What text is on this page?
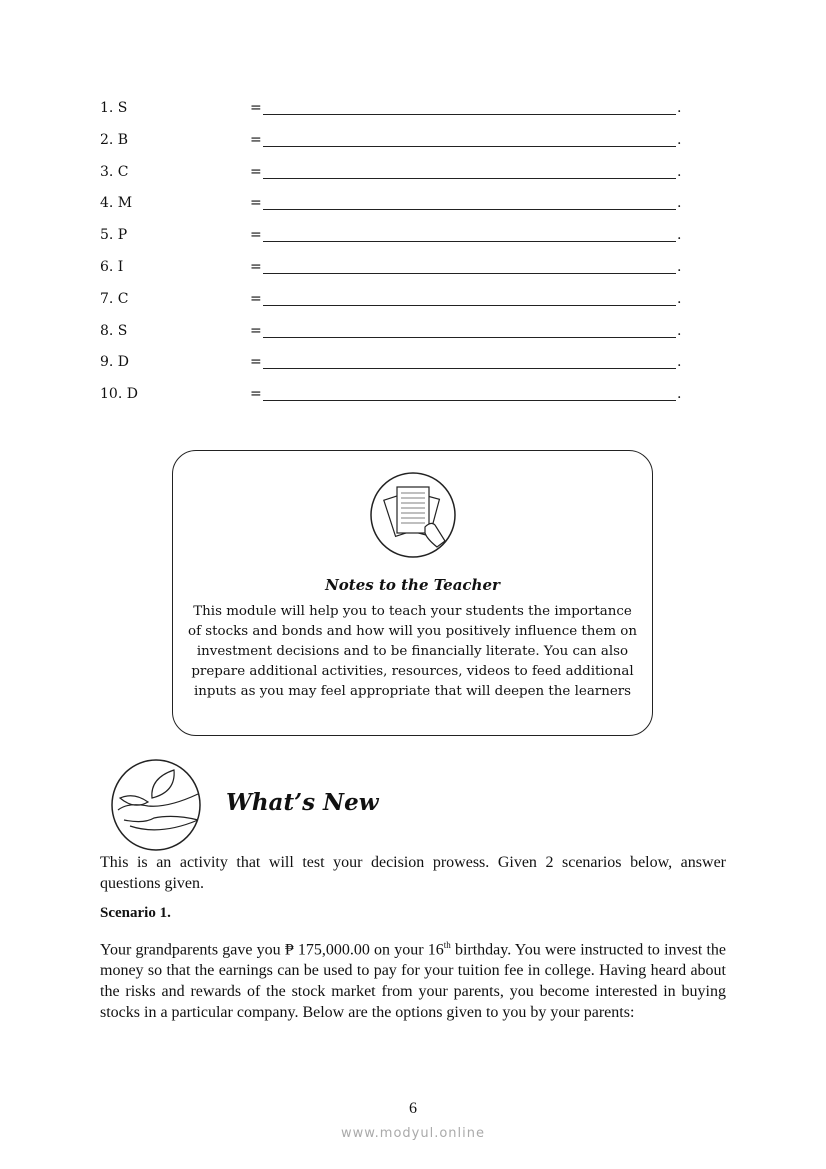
1. S	=	.
2. B	=	.
3. C	=	.
4. M	=	.
5. P	=	.
6. I	=	.
7. C	=	.
8. S	=	.
9. D	=	.
10. D	=	.
Notes to the Teacher
This module will help you to teach your students the importance of stocks and bonds and how will you positively influence them on investment decisions and to be financially literate. You can also prepare additional activities, resources, videos to feed additional inputs as you may feel appropriate that will deepen the learners
What’s New
This is an activity that will test your decision prowess. Given 2 scenarios below, answer questions given.
Scenario 1.
Your grandparents gave you ₱ 175,000.00 on your 16th birthday. You were instructed to invest the money so that the earnings can be used to pay for your tuition fee in college. Having heard about the risks and rewards of the stock market from your parents, you become interested in buying stocks in a particular company. Below are the options given to you by your parents:
6
www.modyul.online
